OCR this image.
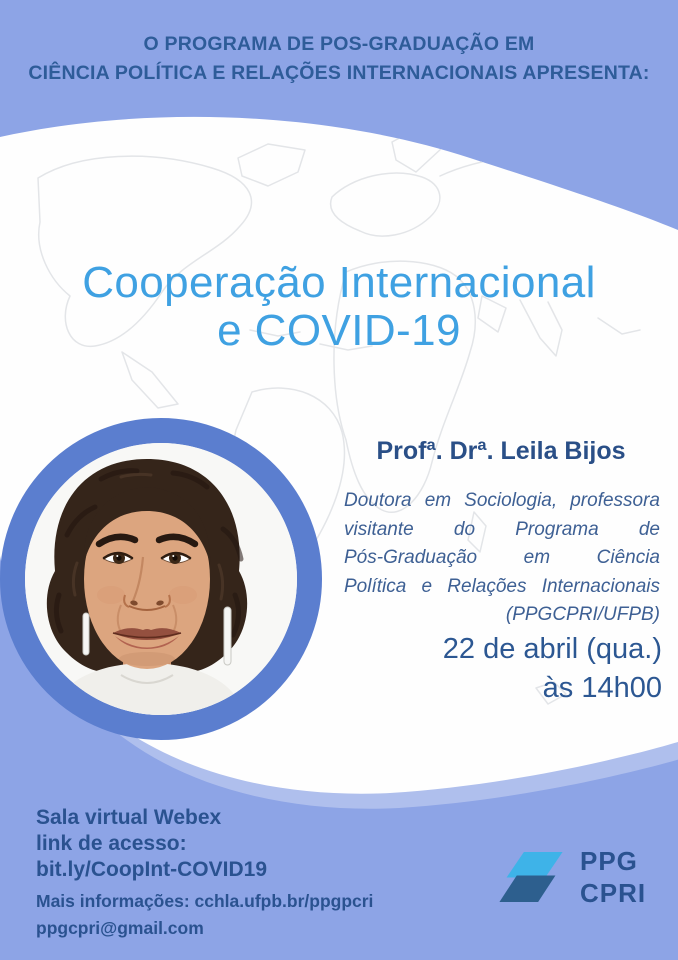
O PROGRAMA DE POS-GRADUAÇÃO EM
CIÊNCIA POLÍTICA E RELAÇÕES INTERNACIONAIS APRESENTA:
Cooperação Internacional
e COVID-19
Profª. Drª. Leila Bijos
Doutora em Sociologia, professora
visitante do Programa de
Pós-Graduação em Ciência
Política e Relações Internacionais
(PPGCPRI/UFPB)
22 de abril (qua.)
às 14h00
Sala virtual Webex
link de acesso:
bit.ly/CoopInt-COVID19
Mais informações: cchla.ufpb.br/ppgpcri
ppgcpri@gmail.com
PPG
CPRI
